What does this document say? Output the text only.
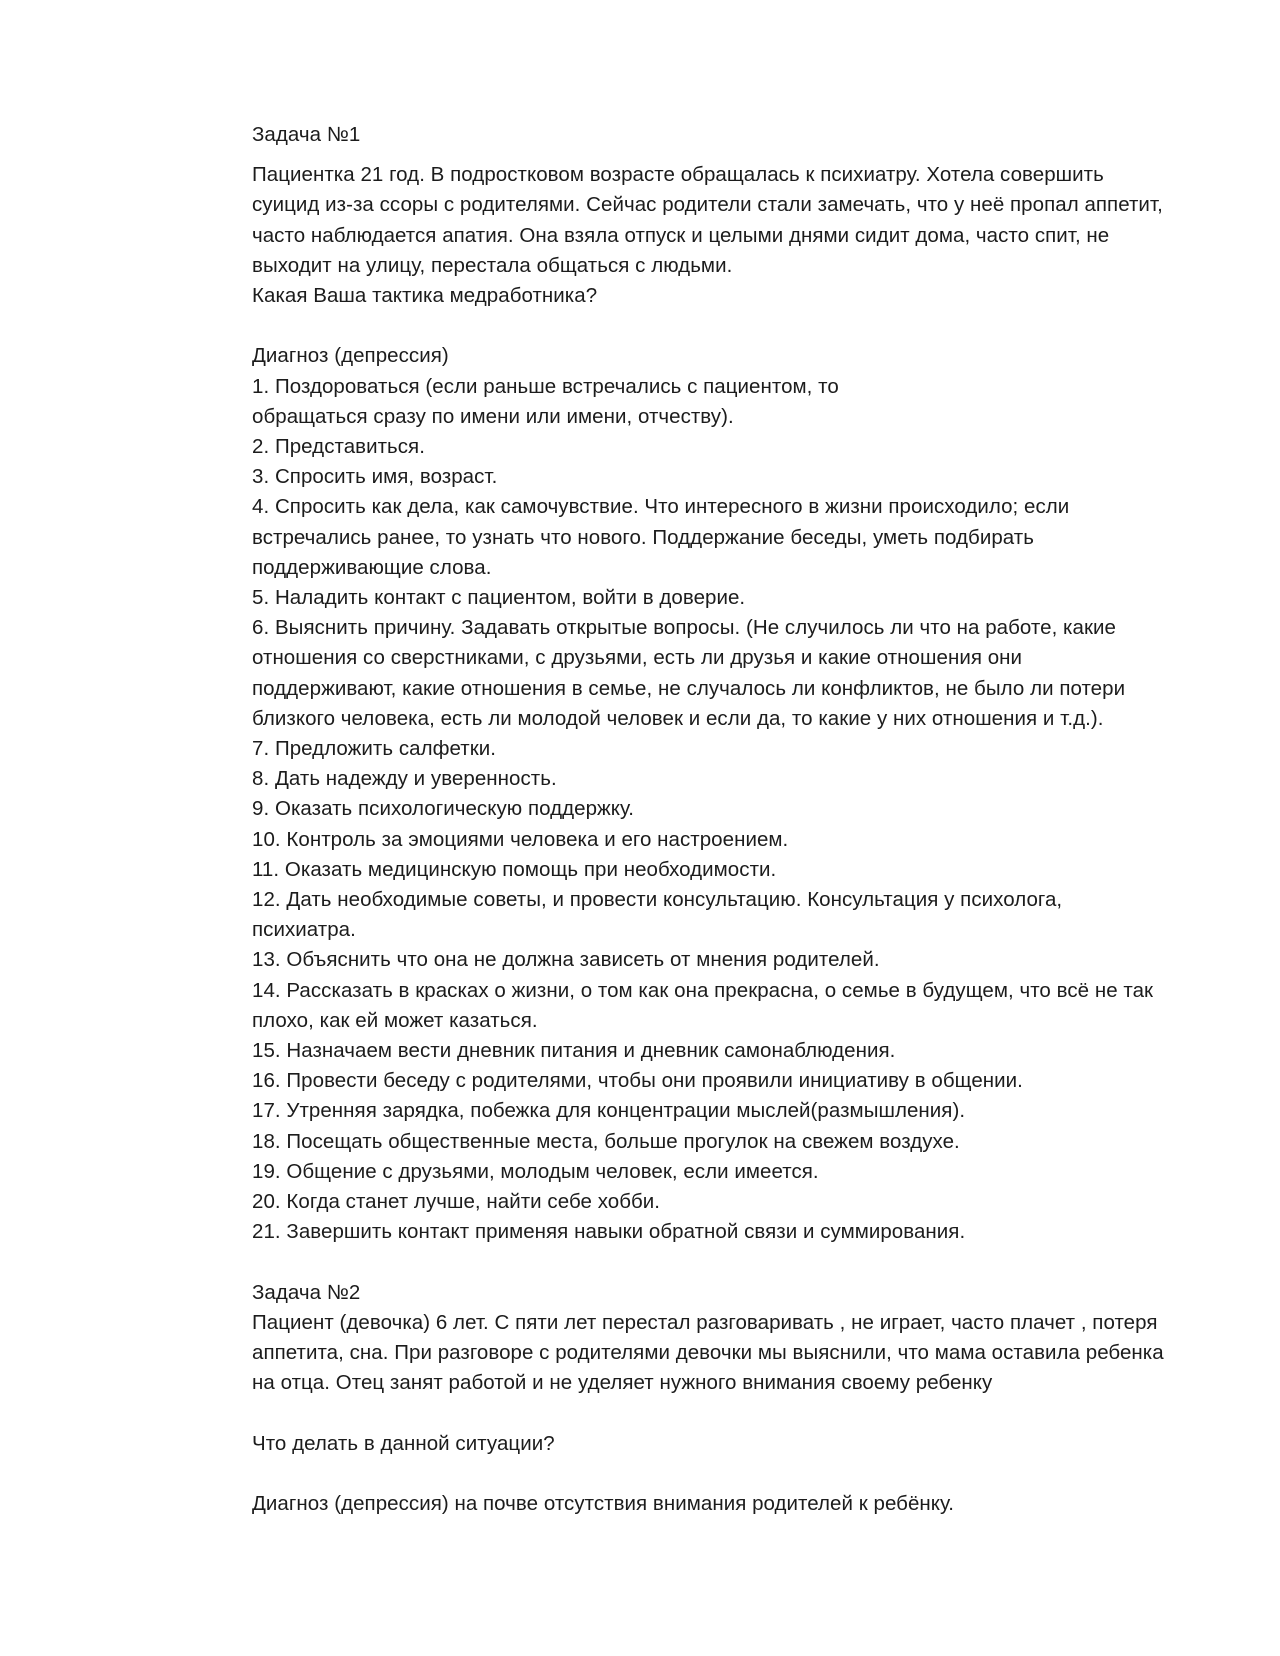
Задача №1

Пациентка 21 год. В подростковом возрасте обращалась к психиатру. Хотела совершить

суицид из-за ссоры с родителями. Сейчас родители стали замечать, что у неё пропал аппетит,

часто наблюдается апатия. Она взяла отпуск и целыми днями сидит дома, часто спит, не

выходит на улицу, перестала общаться с людьми.

Какая Ваша тактика медработника?

Диагноз (депрессия)

1. Поздороваться (если раньше встречались с пациентом, то

обращаться сразу по имени или имени, отчеству).

2. Представиться.

3. Спросить имя, возраст.

4. Спросить как дела, как самочувствие. Что интересного в жизни происходило; если

встречались ранее, то узнать что нового. Поддержание беседы, уметь подбирать

поддерживающие слова.

5. Наладить контакт с пациентом, войти в доверие.

6. Выяснить причину. Задавать открытые вопросы. (Не случилось ли что на работе, какие

отношения со сверстниками, с друзьями, есть ли друзья и какие отношения они

поддерживают, какие отношения в семье, не случалось ли конфликтов, не было ли потери

близкого человека, есть ли молодой человек и если да, то какие у них отношения и т.д.).

7. Предложить салфетки.

8. Дать надежду и уверенность.

9. Оказать психологическую поддержку.

10. Контроль за эмоциями человека и его настроением.

11. Оказать медицинскую помощь при необходимости.

12. Дать необходимые советы, и провести консультацию. Консультация у психолога,

психиатра.

13. Объяснить что она не должна зависеть от мнения родителей.

14. Рассказать в красках о жизни, о том как она прекрасна, о семье в будущем, что всё не так

плохо, как ей может казаться.

15. Назначаем вести дневник питания и дневник самонаблюдения.

16. Провести беседу с родителями, чтобы они проявили инициативу в общении.

17. Утренняя зарядка, побежка для концентрации мыслей(размышления).

18. Посещать общественные места, больше прогулок на свежем воздухе.

19. Общение с друзьями, молодым человек, если имеется.

20. Когда станет лучше, найти себе хобби.

21. Завершить контакт применяя навыки обратной связи и суммирования.

Задача №2

Пациент (девочка) 6 лет. С пяти лет перестал разговаривать , не играет, часто плачет , потеря

аппетита, сна. При разговоре с родителями девочки мы выяснили, что мама оставила ребенка

на отца. Отец занят работой и не уделяет нужного внимания своему ребенку

Что делать в данной ситуации?

Диагноз (депрессия) на почве отсутствия внимания родителей к ребёнку.
